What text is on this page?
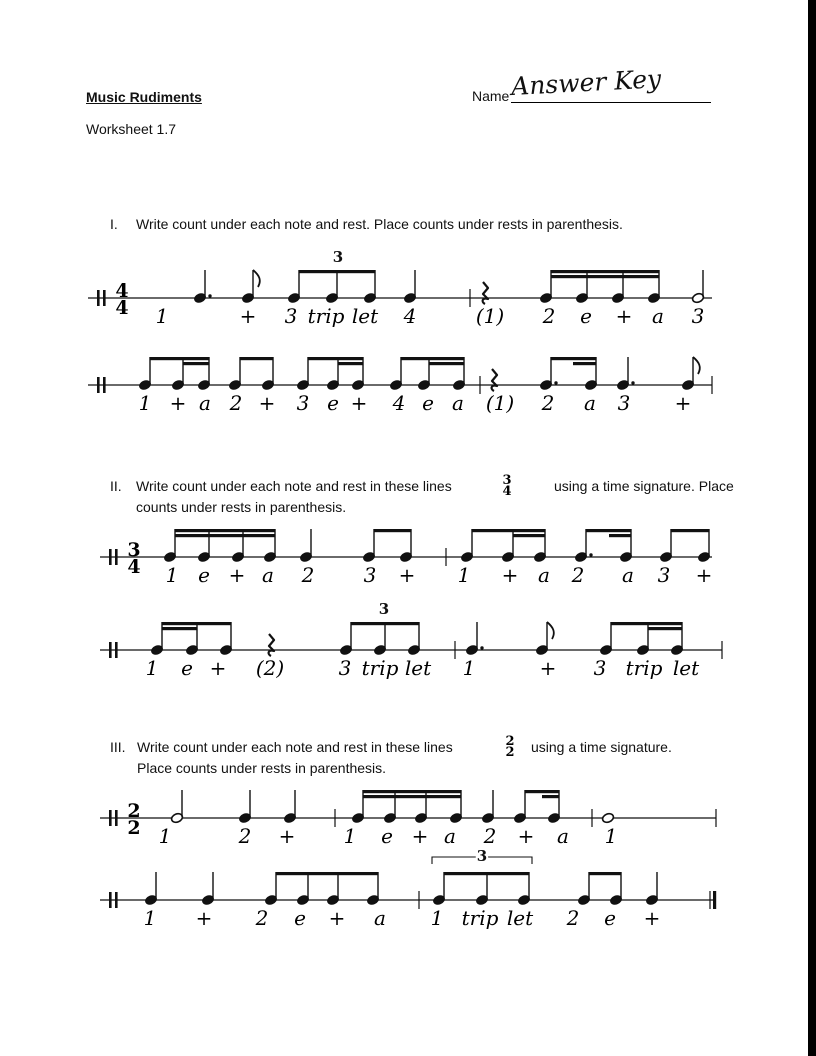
Music Rudiments
Worksheet 1.7
Name Answer Key
I. Write count under each note and rest. Place counts under rests in parenthesis.
II. Write count under each note and rest in these lines	using a time signature. Place
counts under rests in parenthesis.
III. Write count under each note and rest in these lines	using a time signature.
Place counts under rests in parenthesis.
3
4
2
2
4
4
3
1	+ 3 trip let 4	(1) 2 e + a 3
1 + a 2 + 3 e + 4 e a (1) 2 a 3 +
3
4 1 e + a 2 3 + 1 + a 2 a 3 +
3
1 e + (2)	3 trip let 1	+ 3 trip let
2
2 1	2 + 1 e + a 2 + a 1
3
1 + 2 e + a 1 trip let 2 e +
